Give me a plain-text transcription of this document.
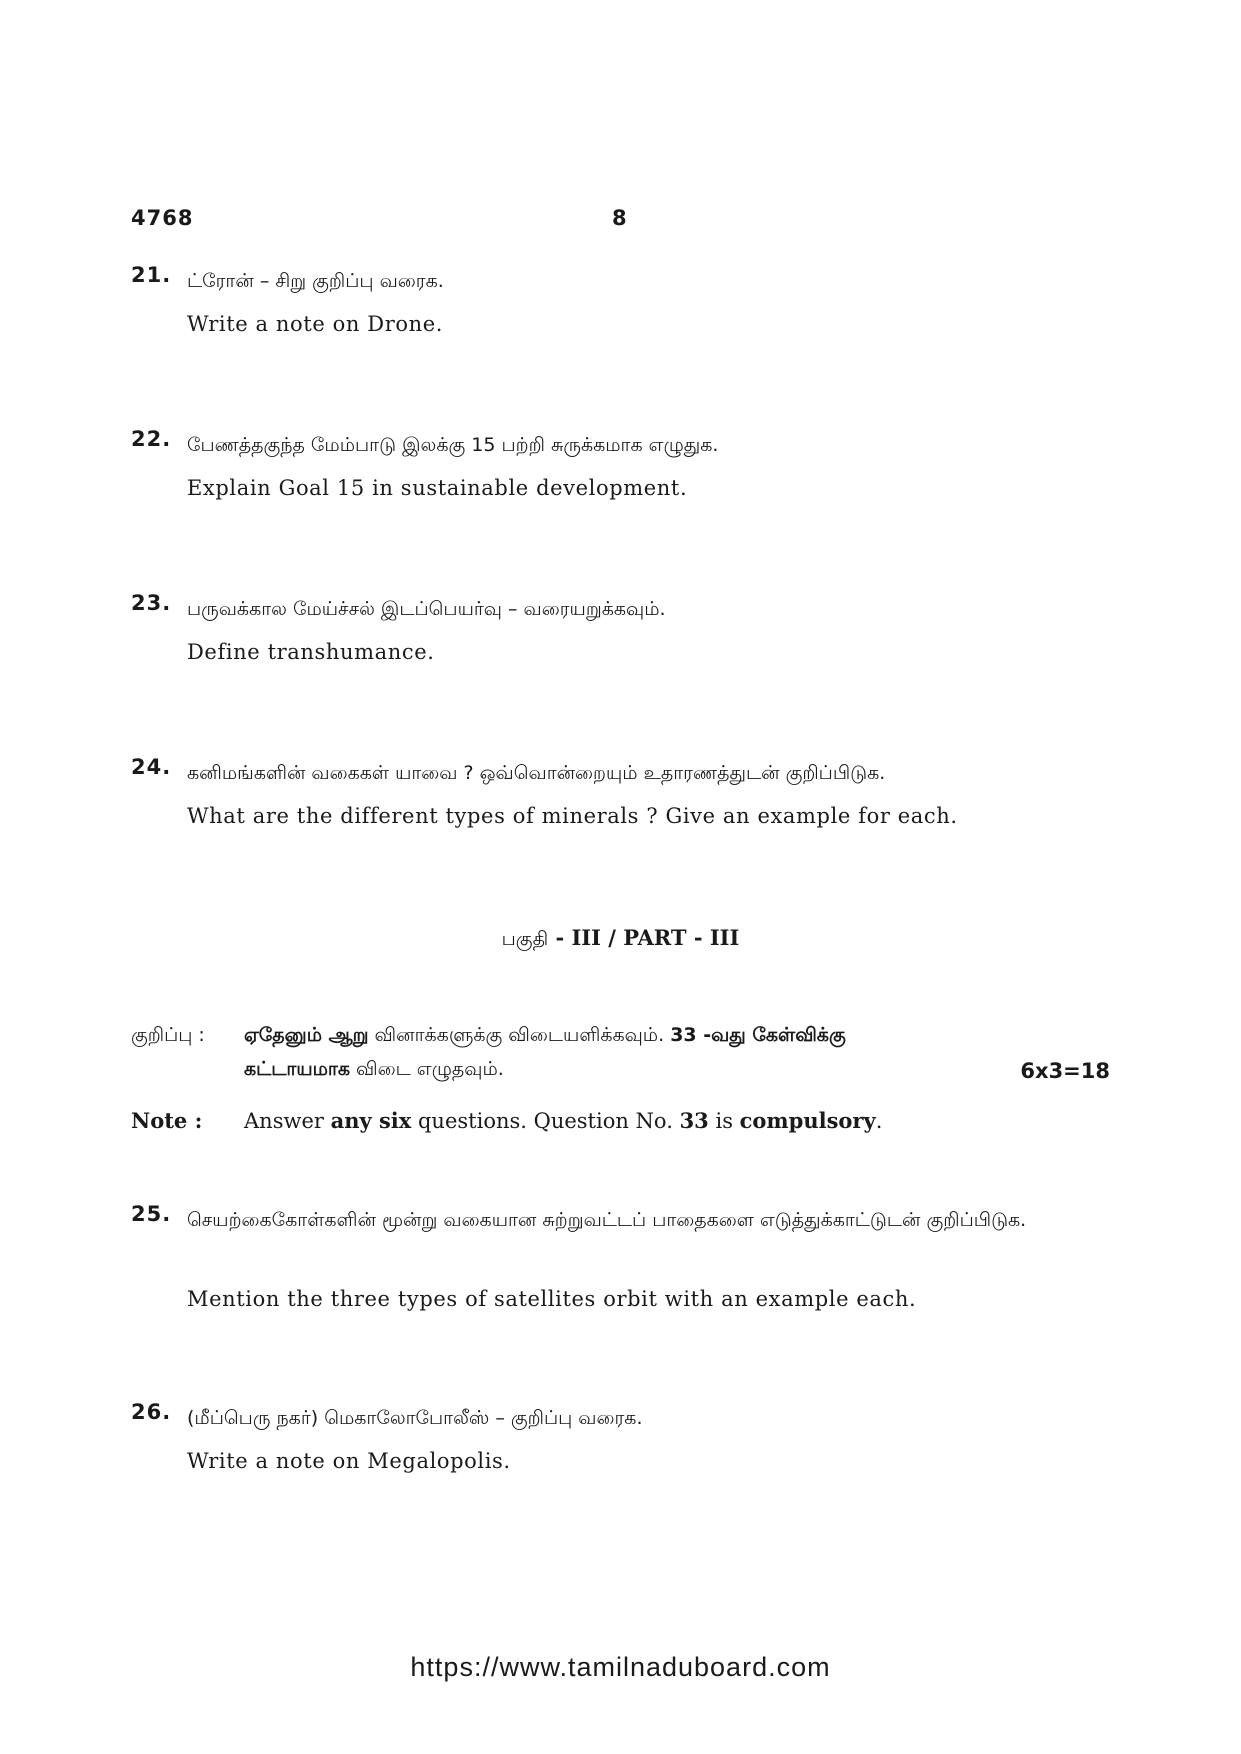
4768	8
21. ட்ரோன் – சிறு குறிப்பு வரைக.
Write a note on Drone.
22. பேணத்தகுந்த மேம்பாடு இலக்கு 15 பற்றி சுருக்கமாக எழுதுக.
Explain Goal 15 in sustainable development.
23. பருவக்கால மேய்ச்சல் இடப்பெயர்வு – வரையறுக்கவும்.
Define transhumance.
24. கனிமங்களின் வகைகள் யாவை ? ஒவ்வொன்றையும் உதாரணத்துடன் குறிப்பிடுக.
What are the different types of minerals ? Give an example for each.
பகுதி - III / PART - III
குறிப்பு : ஏதேனும் ஆறு வினாக்களுக்கு விடையளிக்கவும். 33 -வது கேள்விக்கு
கட்டாயமாக விடை எழுதவும்.	6x3=18
Note : Answer any six questions. Question No. 33 is compulsory.
25. செயற்கைகோள்களின் மூன்று வகையான சுற்றுவட்டப் பாதைகளை எடுத்துக்காட்டுடன் குறிப்பிடுக.
Mention the three types of satellites orbit with an example each.
26. (மீப்பெரு நகர்) மெகாலோபோலீஸ் – குறிப்பு வரைக.
Write a note on Megalopolis.
https://www.tamilnaduboard.com
